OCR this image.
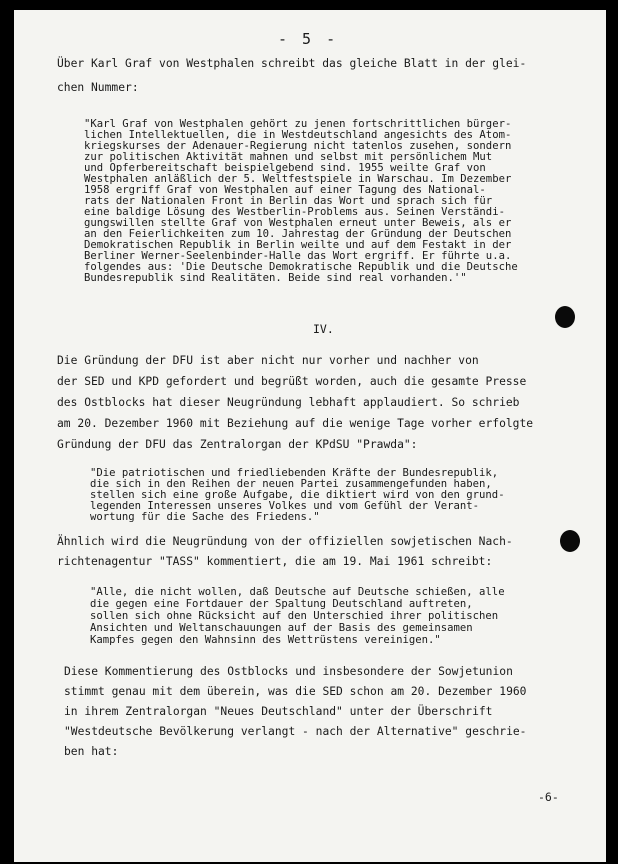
- 5 -

Über Karl Graf von Westphalen schreibt das gleiche Blatt in der glei-

chen Nummer:

"Karl Graf von Westphalen gehört zu jenen fortschrittlichen bürger-

lichen Intellektuellen, die in Westdeutschland angesichts des Atom-

kriegskurses der Adenauer-Regierung nicht tatenlos zusehen, sondern

zur politischen Aktivität mahnen und selbst mit persönlichem Mut

und Opferbereitschaft beispielgebend sind. 1955 weilte Graf von

Westphalen anläßlich der 5. Weltfestspiele in Warschau. Im Dezember

1958 ergriff Graf von Westphalen auf einer Tagung des National-

rats der Nationalen Front in Berlin das Wort und sprach sich für

eine baldige Lösung des Westberlin-Problems aus. Seinen Verständi-

gungswillen stellte Graf von Westphalen erneut unter Beweis, als er

an den Feierlichkeiten zum 10. Jahrestag der Gründung der Deutschen

Demokratischen Republik in Berlin weilte und auf dem Festakt in der

Berliner Werner-Seelenbinder-Halle das Wort ergriff. Er führte u.a.

folgendes aus: 'Die Deutsche Demokratische Republik und die Deutsche

Bundesrepublik sind Realitäten. Beide sind real vorhanden.'"

IV.

Die Gründung der DFU ist aber nicht nur vorher und nachher von

der SED und KPD gefordert und begrüßt worden, auch die gesamte Presse

des Ostblocks hat dieser Neugründung lebhaft applaudiert. So schrieb

am 20. Dezember 1960 mit Beziehung auf die wenige Tage vorher erfolgte

Gründung der DFU das Zentralorgan der KPdSU "Prawda":

"Die patriotischen und friedliebenden Kräfte der Bundesrepublik,

die sich in den Reihen der neuen Partei zusammengefunden haben,

stellen sich eine große Aufgabe, die diktiert wird von den grund-

legenden Interessen unseres Volkes und vom Gefühl der Verant-

wortung für die Sache des Friedens."

Ähnlich wird die Neugründung von der offiziellen sowjetischen Nach-

richtenagentur "TASS" kommentiert, die am 19. Mai 1961 schreibt:

"Alle, die nicht wollen, daß Deutsche auf Deutsche schießen, alle

die gegen eine Fortdauer der Spaltung Deutschland auftreten,

sollen sich ohne Rücksicht auf den Unterschied ihrer politischen

Ansichten und Weltanschauungen auf der Basis des gemeinsamen

Kampfes gegen den Wahnsinn des Wettrüstens vereinigen."

Diese Kommentierung des Ostblocks und insbesondere der Sowjetunion

stimmt genau mit dem überein, was die SED schon am 20. Dezember 1960

in ihrem Zentralorgan "Neues Deutschland" unter der Überschrift

"Westdeutsche Bevölkerung verlangt - nach der Alternative" geschrie-

ben hat:

-6-
